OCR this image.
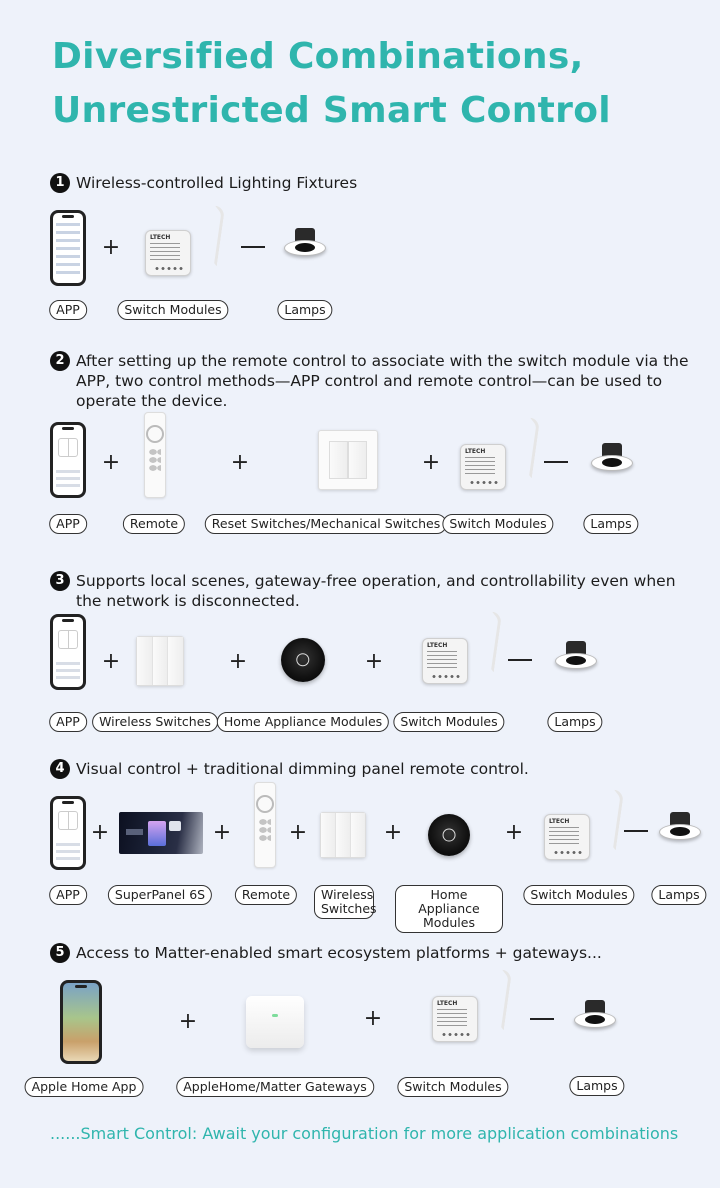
Diversified Combinations,
Unrestricted Smart Control
1 Wireless-controlled Lighting Fixtures
+	LTECH
APP	Switch Modules	Lamps
2 After setting up the remote control to associate with the switch module via the APP, two control methods—APP control and remote control—can be used to operate the device.
+	+	+	LTECH
APP	Remote	Reset Switches/Mechanical Switches Switch Modules	Lamps
3 Supports local scenes, gateway-free operation, and controllability even when the network is disconnected.
+	+	+
LTECH
APP	Wireless Switches	Home Appliance Modules	Switch Modules	Lamps
4 Visual control + traditional dimming panel remote control.
+	+	+	+	+	LTECH
APP	SuperPanel 6S	Remote	Wireless Switches
Home Appliance Modules
Switch Modules	Lamps
5 Access to Matter-enabled smart ecosystem platforms + gateways...
+	+
LTECH
Apple Home App	AppleHome/Matter Gateways	Switch Modules	Lamps
......Smart Control: Await your configuration for more application combinations
